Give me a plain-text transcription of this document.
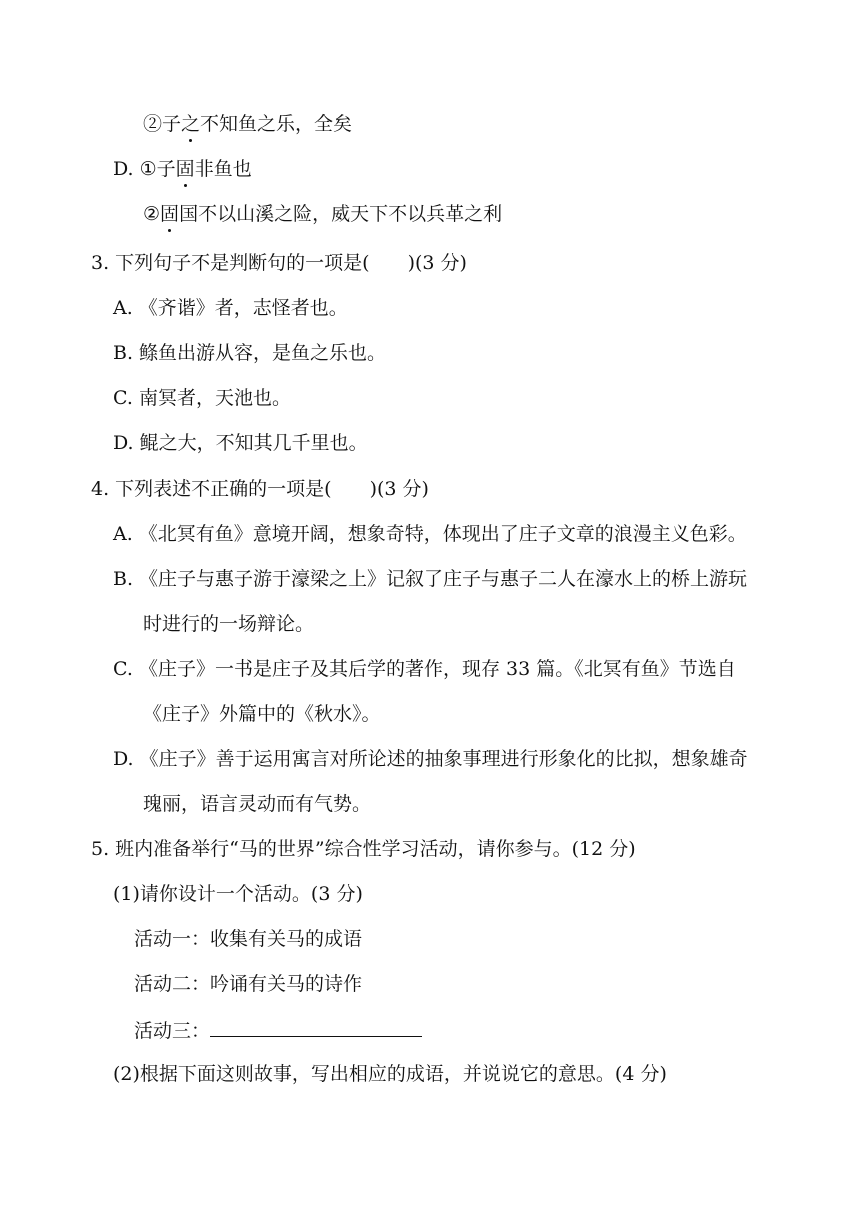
②子之不知鱼之乐，全矣
D. ①子固非鱼也
②固国不以山溪之险，威天下不以兵革之利
3. 下列句子不是判断句的一项是(　　)(3 分)
A. 《齐谐》者，志怪者也。
B. 鲦鱼出游从容，是鱼之乐也。
C. 南冥者，天池也。
D. 鲲之大，不知其几千里也。
4. 下列表述不正确的一项是(　　)(3 分)
A. 《北冥有鱼》意境开阔，想象奇特，体现出了庄子文章的浪漫主义色彩。
B. 《庄子与惠子游于濠梁之上》记叙了庄子与惠子二人在濠水上的桥上游玩
时进行的一场辩论。
C. 《庄子》一书是庄子及其后学的著作，现存 33 篇。《北冥有鱼》节选自
《庄子》外篇中的《秋水》。
D. 《庄子》善于运用寓言对所论述的抽象事理进行形象化的比拟，想象雄奇
瑰丽，语言灵动而有气势。
5. 班内准备举行“马的世界”综合性学习活动，请你参与。(12 分)
(1)请你设计一个活动。(3 分)
活动一：收集有关马的成语
活动二：吟诵有关马的诗作
活动三：
(2)根据下面这则故事，写出相应的成语，并说说它的意思。(4 分)
